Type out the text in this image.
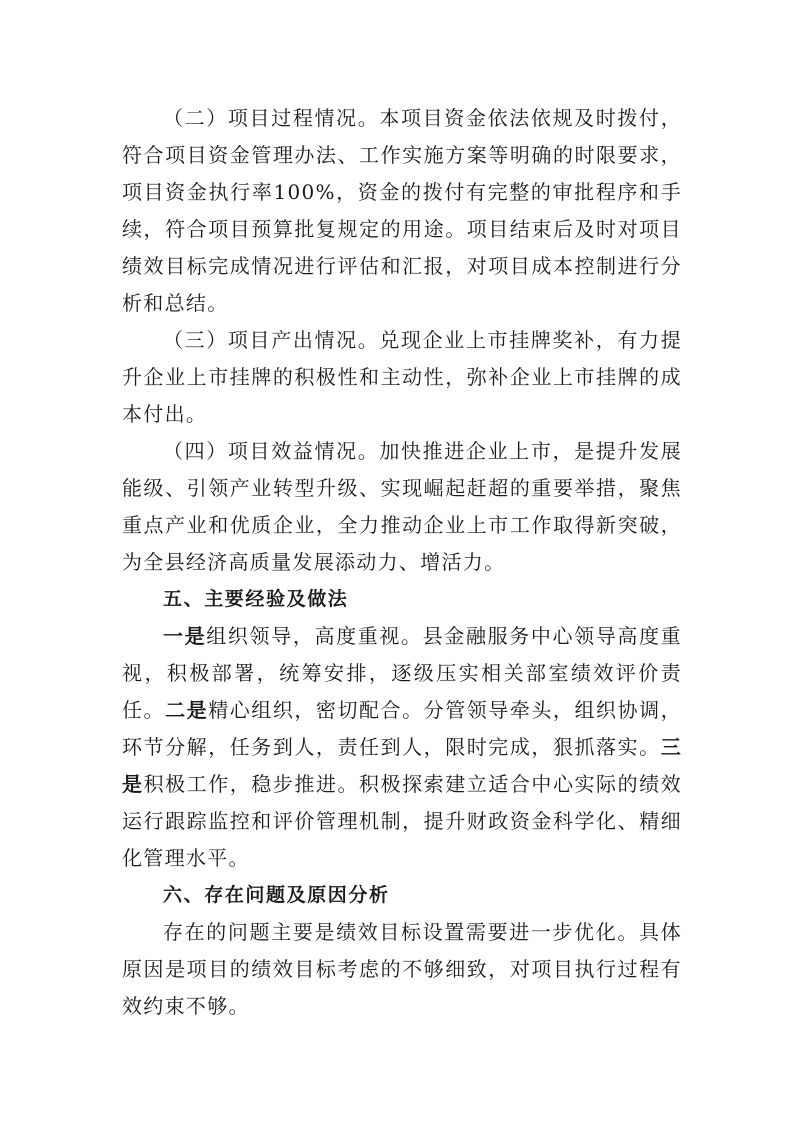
（二）项目过程情况。本项目资金依法依规及时拨付，符合项目资金管理办法、工作实施方案等明确的时限要求，项目资金执行率100%，资金的拨付有完整的审批程序和手续，符合项目预算批复规定的用途。项目结束后及时对项目绩效目标完成情况进行评估和汇报，对项目成本控制进行分析和总结。

（三）项目产出情况。兑现企业上市挂牌奖补，有力提升企业上市挂牌的积极性和主动性，弥补企业上市挂牌的成本付出。

（四）项目效益情况。加快推进企业上市，是提升发展能级、引领产业转型升级、实现崛起赶超的重要举措，聚焦重点产业和优质企业，全力推动企业上市工作取得新突破，为全县经济高质量发展添动力、增活力。

五、主要经验及做法

一是组织领导，高度重视。县金融服务中心领导高度重视，积极部署，统筹安排，逐级压实相关部室绩效评价责任。二是精心组织，密切配合。分管领导牵头，组织协调，环节分解，任务到人，责任到人，限时完成，狠抓落实。三是积极工作，稳步推进。积极探索建立适合中心实际的绩效运行跟踪监控和评价管理机制，提升财政资金科学化、精细化管理水平。

六、存在问题及原因分析

存在的问题主要是绩效目标设置需要进一步优化。具体原因是项目的绩效目标考虑的不够细致，对项目执行过程有效约束不够。
